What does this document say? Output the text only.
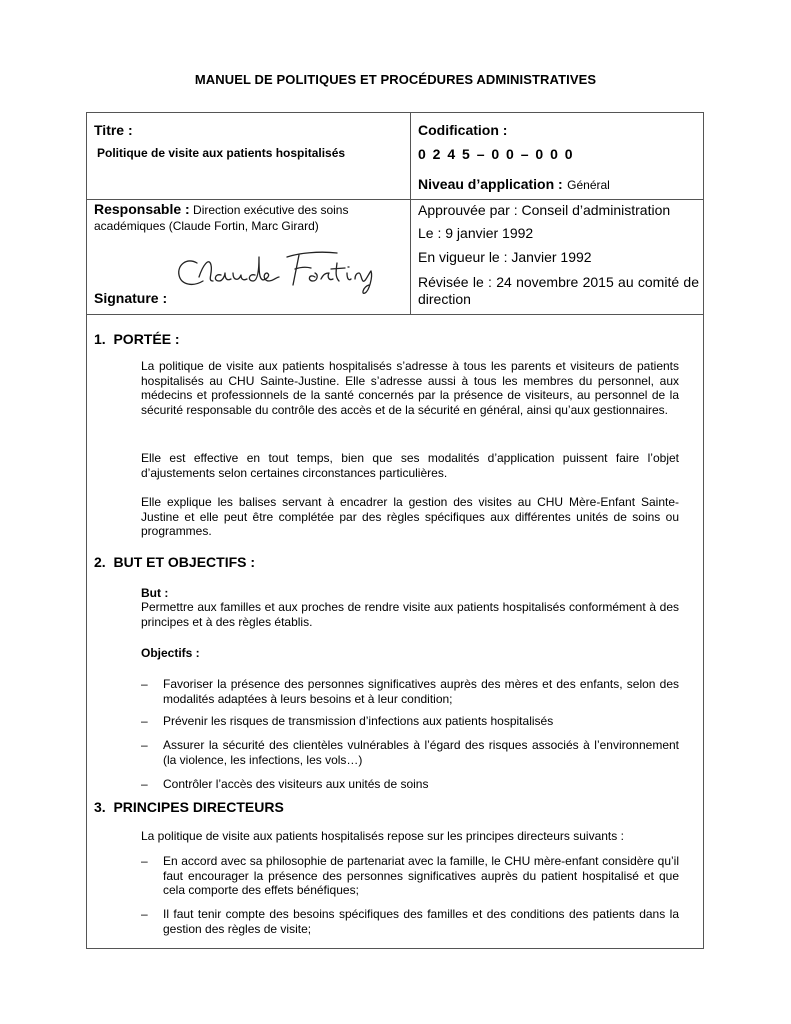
MANUEL DE POLITIQUES ET PROCÉDURES ADMINISTRATIVES
Titre :
Politique de visite aux patients hospitalisés
Codification :
0 2 4 5 – 0 0 – 0 0 0
Niveau d’application : Général
Responsable : Direction exécutive des soins académiques (Claude Fortin, Marc Girard)
Signature :
Approuvée par : Conseil d’administration
Le : 9 janvier 1992
En vigueur le : Janvier 1992
Révisée le : 24 novembre 2015 au comité de direction
1. PORTÉE :

La politique de visite aux patients hospitalisés s’adresse à tous les parents et visiteurs de patients hospitalisés au CHU Sainte-Justine. Elle s’adresse aussi à tous les membres du personnel, aux médecins et professionnels de la santé concernés par la présence de visiteurs, au personnel de la sécurité responsable du contrôle des accès et de la sécurité en général, ainsi qu’aux gestionnaires.

Elle est effective en tout temps, bien que ses modalités d’application puissent faire l’objet d’ajustements selon certaines circonstances particulières.

Elle explique les balises servant à encadrer la gestion des visites au CHU Mère-Enfant Sainte-Justine et elle peut être complétée par des règles spécifiques aux différentes unités de soins ou programmes.

2. BUT ET OBJECTIFS :
But :

Permettre aux familles et aux proches de rendre visite aux patients hospitalisés conformément à des principes et à des règles établis.

Objectifs :
–	Favoriser la présence des personnes significatives auprès des mères et des enfants, selon des modalités adaptées à leurs besoins et à leur condition;
–	Prévenir les risques de transmission d’infections aux patients hospitalisés
–	Assurer la sécurité des clientèles vulnérables à l’égard des risques associés à l’environnement (la violence, les infections, les vols…)
–	Contrôler l’accès des visiteurs aux unités de soins
3. PRINCIPES DIRECTEURS

La politique de visite aux patients hospitalisés repose sur les principes directeurs suivants :

–	En accord avec sa philosophie de partenariat avec la famille, le CHU mère-enfant considère qu’il faut encourager la présence des personnes significatives auprès du patient hospitalisé et que cela comporte des effets bénéfiques;
–	Il faut tenir compte des besoins spécifiques des familles et des conditions des patients dans la gestion des règles de visite;
